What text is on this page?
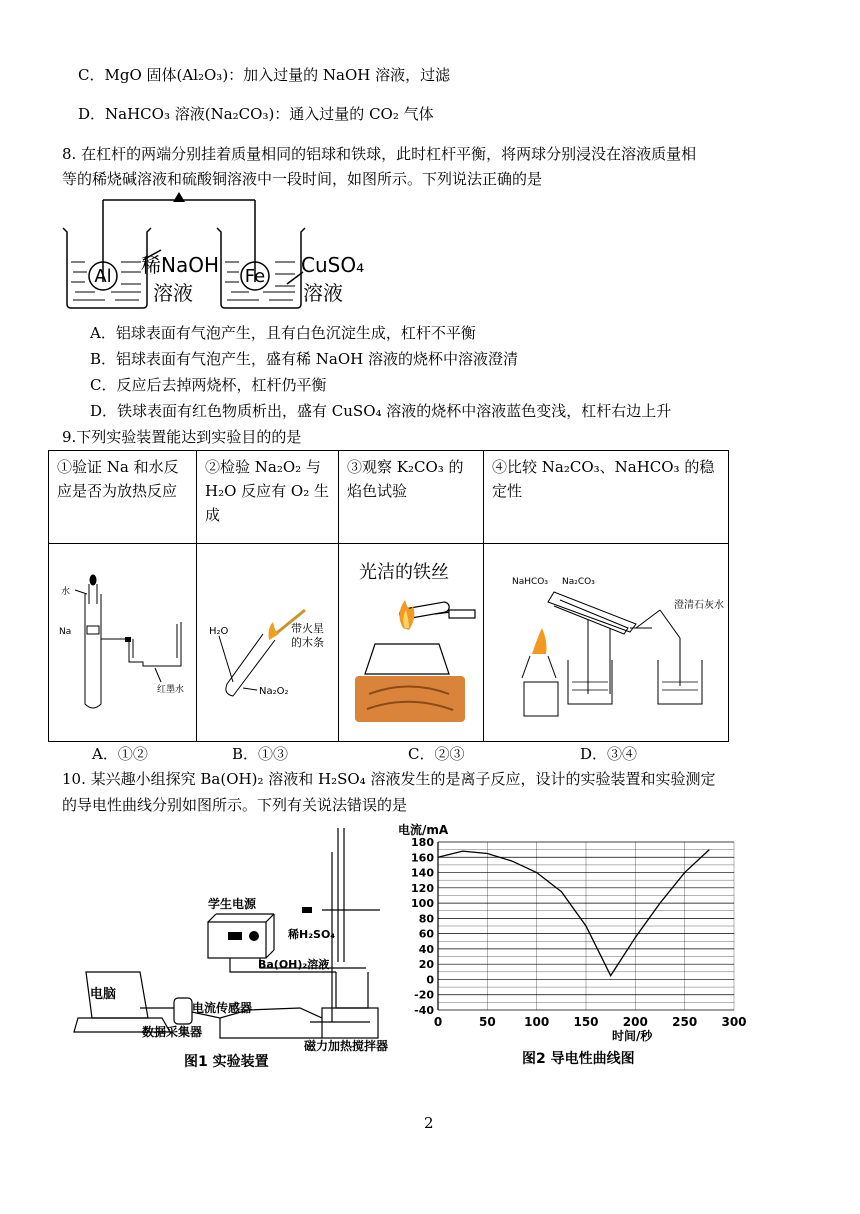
C．MgO 固体(Al₂O₃)：加入过量的 NaOH 溶液，过滤
D．NaHCO₃ 溶液(Na₂CO₃)：通入过量的 CO₂ 气体
8. 在杠杆的两端分别挂着质量相同的铝球和铁球，此时杠杆平衡，将两球分别浸没在溶液质量相
等的稀烧碱溶液和硫酸铜溶液中一段时间，如图所示。下列说法正确的是
Al	Fe
稀NaOH
溶液
CuSO₄
溶液
A．铝球表面有气泡产生，且有白色沉淀生成，杠杆不平衡
B．铝球表面有气泡产生，盛有稀 NaOH 溶液的烧杯中溶液澄清
C．反应后去掉两烧杯，杠杆仍平衡
D．铁球表面有红色物质析出，盛有 CuSO₄ 溶液的烧杯中溶液蓝色变浅，杠杆右边上升
9.下列实验装置能达到实验目的的是
①验证 Na 和水反应是否为放热反应	②检验 Na₂O₂ 与 H₂O 反应有 O₂ 生成	③观察 K₂CO₃ 的焰色试验	④比较 Na₂CO₃、NaHCO₃ 的稳定性

水
Na
红墨水	H₂O 带火星
的木条
Na₂O₂	光洁的铁丝	NaHCO₃ Na₂CO₃
澄清石灰水
A．①②	B．①③	C．②③	D．③④
10. 某兴趣小组探究 Ba(OH)₂ 溶液和 H₂SO₄ 溶液发生的是离子反应，设计的实验装置和实验测定
的导电性曲线分别如图所示。下列有关说法错误的是
学生电源
稀H₂SO₄
Ba(OH)₂溶液
电脑
电流传感器
数据采集器
磁力加热搅拌器
图1 实验装置
电流/mA
-40
-20
0
20
40
60
80
100
120
140
160
180
0	50 100 150 200 250 300
时间/秒
图2 导电性曲线图
2
